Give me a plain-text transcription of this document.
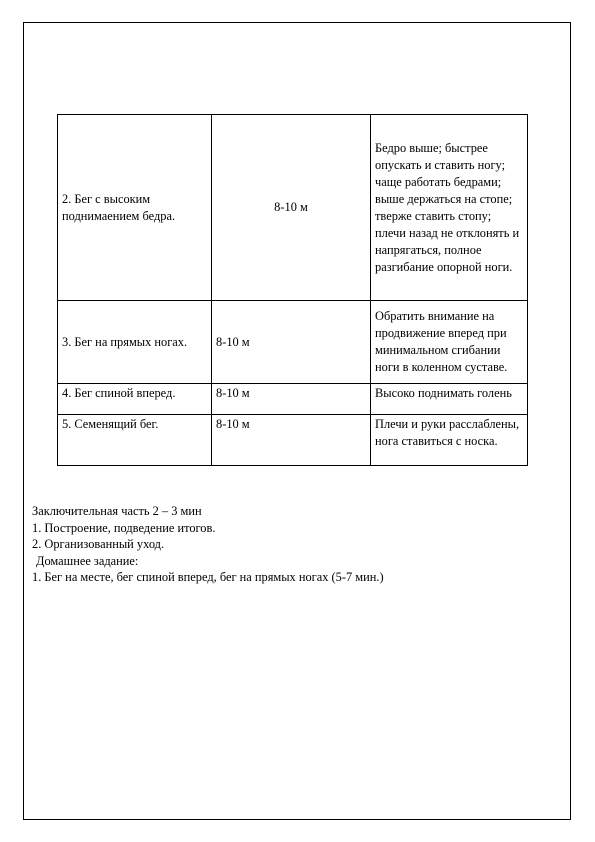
2. Бег с высоким поднимаением бедра.	8-10 м	Бедро выше; быстрее опускать и ставить ногу; чаще работать бедрами; выше держаться на стопе; тверже ставить стопу; плечи назад не отклонять и напрягаться, полное разгибание опорной ноги.
3. Бег на прямых ногах.	8-10 м	Обратить внимание на продвижение вперед при минимальном сгибании ноги в коленном суставе.
4. Бег спиной вперед.	8-10 м	Высоко поднимать голень
5. Семенящий бег.	8-10 м	Плечи и руки расслаблены, нога ставиться с носка.
Заключительная часть 2 – 3 мин
1. Построение, подведение итогов.
2. Организованный уход.
Домашнее задание:
1. Бег на месте, бег спиной вперед, бег на прямых ногах (5-7 мин.)
